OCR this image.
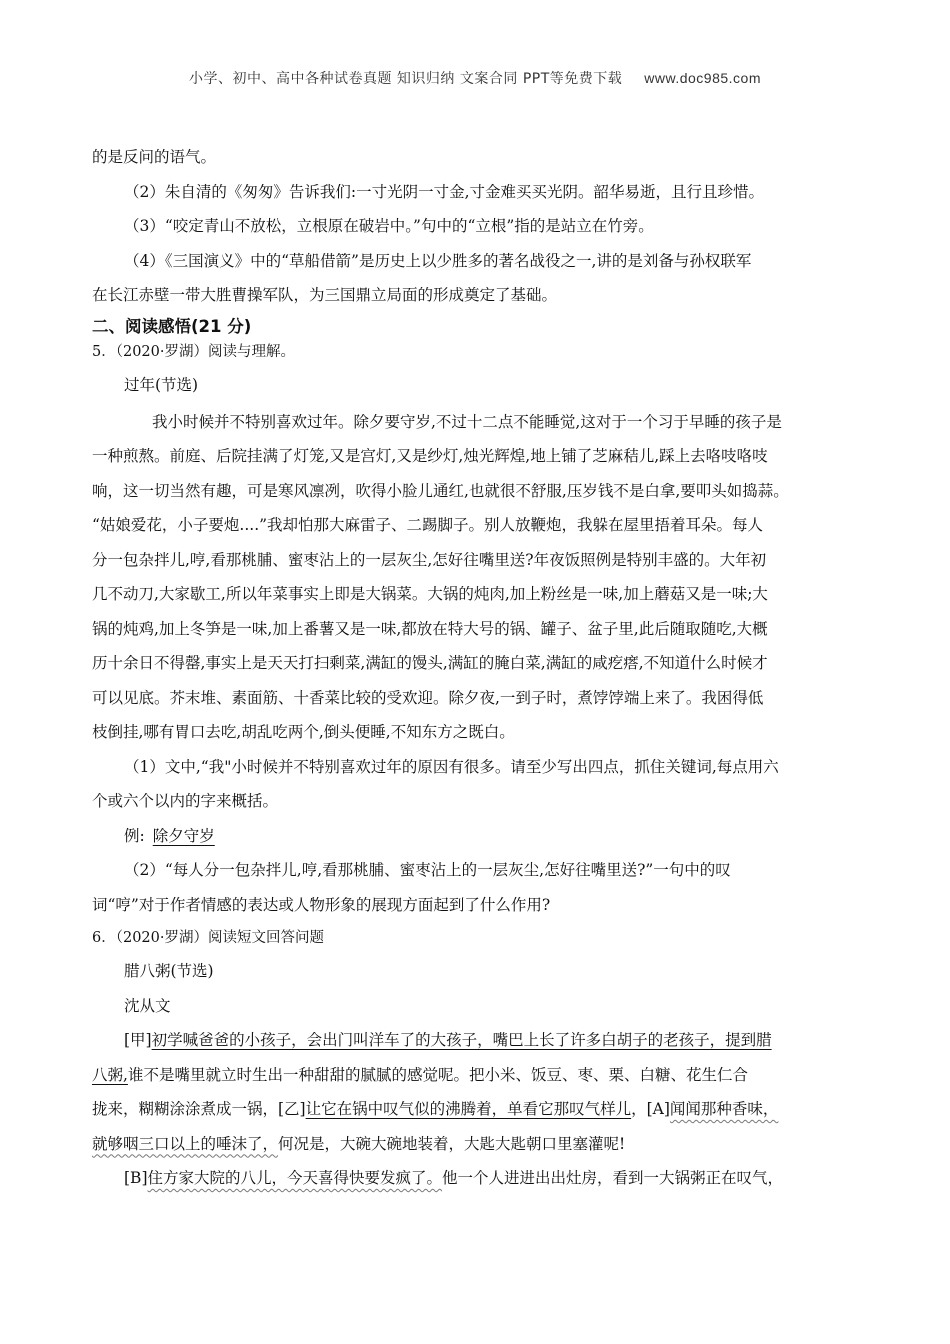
小学、初中、高中各种试卷真题 知识归纳 文案合同 PPT等免费下载 www.doc985.com

的是反问的语气。

（2）朱自清的《匆匆》告诉我们:一寸光阴一寸金,寸金难买买光阴。韶华易逝，且行且珍惜。

（3）“咬定青山不放松，立根原在破岩中。”句中的“立根”指的是站立在竹旁。

（4）《三国演义》中的“草船借箭”是历史上以少胜多的著名战役之一,讲的是刘备与孙权联军

在长江赤壁一带大胜曹操军队，为三国鼎立局面的形成奠定了基础。

二、阅读感悟(21 分)

5．（2020·罗湖）阅读与理解。

过年(节选)

我小时候并不特别喜欢过年。除夕要守岁,不过十二点不能睡觉,这对于一个习于早睡的孩子是

一种煎熬。前庭、后院挂满了灯笼,又是宫灯,又是纱灯,烛光辉煌,地上铺了芝麻秸儿,踩上去咯吱咯吱

响，这一切当然有趣，可是寒风凛冽，吹得小脸儿通红,也就很不舒服,压岁钱不是白拿,要叩头如捣蒜。

“姑娘爱花，小子要炮....”我却怕那大麻雷子、二踢脚子。别人放鞭炮，我躲在屋里捂着耳朵。每人

分一包杂拌儿,哼,看那桃脯、蜜枣沾上的一层灰尘,怎好往嘴里送?年夜饭照例是特别丰盛的。大年初

几不动刀,大家歇工,所以年菜事实上即是大锅菜。大锅的炖肉,加上粉丝是一味,加上蘑菇又是一味;大

锅的炖鸡,加上冬笋是一味,加上番薯又是一味,都放在特大号的锅、罐子、盆子里,此后随取随吃,大概

历十余日不得罄,事实上是天天打扫剩菜,满缸的馒头,满缸的腌白菜,满缸的咸疙瘩,不知道什么时候才

可以见底。芥末堆、素面筋、十香菜比较的受欢迎。除夕夜,一到子时，煮饽饽端上来了。我困得低

枝倒挂,哪有胃口去吃,胡乱吃两个,倒头便睡,不知东方之既白。

（1）文中,“我"小时候并不特别喜欢过年的原因有很多。请至少写出四点，抓住关键词,每点用六

个或六个以内的字来概括。

例: 除夕守岁

（2）“每人分一包杂拌儿,哼,看那桃脯、蜜枣沾上的一层灰尘,怎好往嘴里送?”一句中的叹

词“哼”对于作者情感的表达或人物形象的展现方面起到了什么作用?

6．（2020·罗湖）阅读短文回答问题

腊八粥(节选)

沈从文

[甲]初学喊爸爸的小孩子，会出门叫洋车了的大孩子，嘴巴上长了许多白胡子的老孩子，提到腊

八粥,谁不是嘴里就立时生出一种甜甜的腻腻的感觉呢。把小米、饭豆、枣、栗、白糖、花生仁合

拢来，糊糊涂涂煮成一锅，[乙]让它在锅中叹气似的沸腾着，单看它那叹气样儿，[A]闻闻那种香味，

就够咽三口以上的唾沫了，何况是，大碗大碗地装着，大匙大匙朝口里塞灌呢!

[B]住方家大院的八儿，今天喜得快要发疯了。他一个人进进出出灶房，看到一大锅粥正在叹气，
